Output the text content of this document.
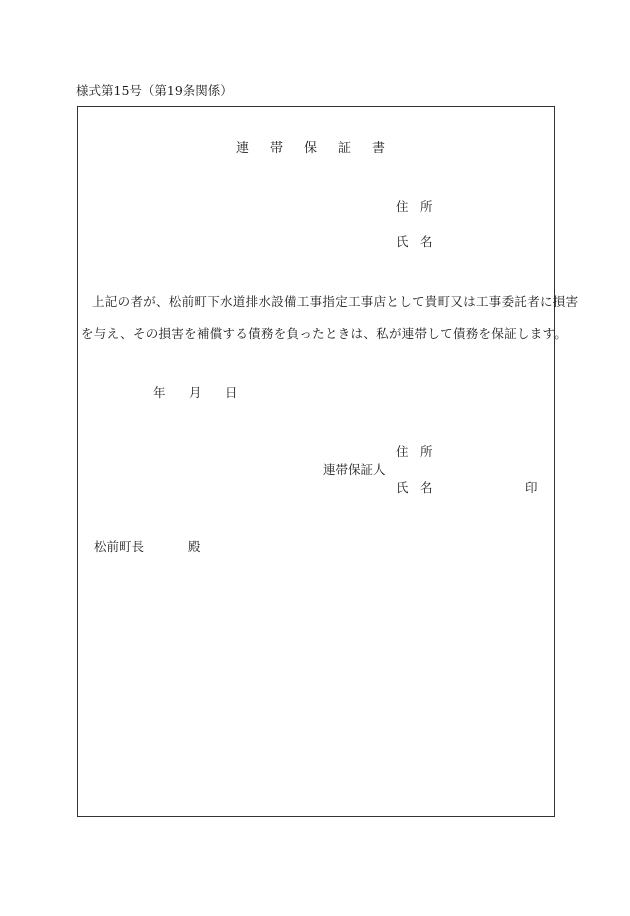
様式第15号（第19条関係）
連 帯 保 証 書
住 所
氏 名
上記の者が、松前町下水道排水設備工事指定工事店として貴町又は工事委託者に損害
を与え、その損害を補償する債務を負ったときは、私が連帯して債務を保証します。
年 月 日
住 所
連帯保証人
氏 名	印
松前町長	殿
